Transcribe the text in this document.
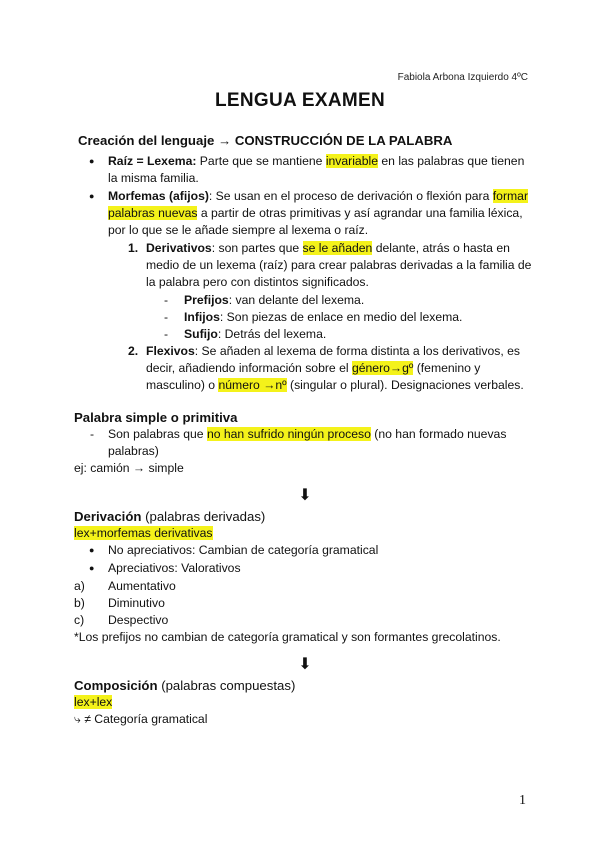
Fabiola Arbona Izquierdo 4ºC
LENGUA EXAMEN
Creación del lenguaje → CONSTRUCCIÓN DE LA PALABRA
● Raíz = Lexema: Parte que se mantiene invariable en las palabras que tienen la misma familia.
● Morfemas (afijos): Se usan en el proceso de derivación o flexión para formar palabras nuevas a partir de otras primitivas y así agrandar una familia léxica, por lo que se le añade siempre al lexema o raíz.
1. Derivativos: son partes que se le añaden delante, atrás o hasta en medio de un lexema (raíz) para crear palabras derivadas a la familia de la palabra pero con distintos significados.
- Prefijos: van delante del lexema.
- Infijos: Son piezas de enlace en medio del lexema.
- Sufijo: Detrás del lexema.
2. Flexivos: Se añaden al lexema de forma distinta a los derivativos, es decir, añadiendo información sobre el género→gº (femenino y masculino) o número →nº (singular o plural). Designaciones verbales.
Palabra simple o primitiva
- Son palabras que no han sufrido ningún proceso (no han formado nuevas palabras)
ej: camión → simple
⬇
Derivación (palabras derivadas)
lex+morfemas derivativas
● No apreciativos: Cambian de categoría gramatical
● Apreciativos: Valorativos
a) Aumentativo
b) Diminutivo
c) Despectivo
*Los prefijos no cambian de categoría gramatical y son formantes grecolatinos.
⬇
Composición (palabras compuestas)
lex+lex
⤷ ≠ Categoría gramatical
1
